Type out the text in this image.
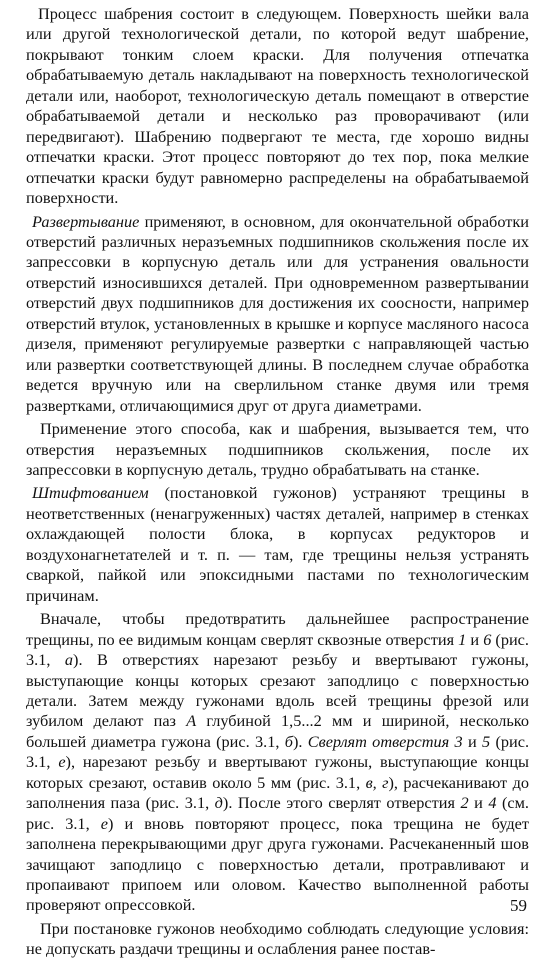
Процесс шабрения состоит в следующем. Поверхность шейки вала или другой технологической детали, по которой ведут шабрение, покрывают тонким слоем краски. Для получения отпечатка обрабатываемую деталь накладывают на поверхность технологической детали или, наоборот, технологическую деталь помещают в отверстие обрабатываемой детали и несколько раз проворачивают (или передвигают). Шабрению подвергают те места, где хорошо видны отпечатки краски. Этот процесс повторяют до тех пор, пока мелкие отпечатки краски будут равномерно распределены на обрабатываемой поверхности.

Развертывание применяют, в основном, для окончательной обработки отверстий различных неразъемных подшипников скольжения после их запрессовки в корпусную деталь или для устранения овальности отверстий износившихся деталей. При одновременном развертывании отверстий двух подшипников для достижения их соосности, например отверстий втулок, установленных в крышке и корпусе масляного насоса дизеля, применяют регулируемые развертки с направляющей частью или развертки соответствующей длины. В последнем случае обработка ведется вручную или на сверлильном станке двумя или тремя развертками, отличающимися друг от друга диаметрами.

Применение этого способа, как и шабрения, вызывается тем, что отверстия неразъемных подшипников скольжения, после их запрессовки в корпусную деталь, трудно обрабатывать на станке.

Штифтованием (постановкой гужонов) устраняют трещины в неответственных (ненагруженных) частях деталей, например в стенках охлаждающей полости блока, в корпусах редукторов и воздухонагнетателей и т. п. — там, где трещины нельзя устранять сваркой, пайкой или эпоксидными пастами по технологическим причинам.

Вначале, чтобы предотвратить дальнейшее распространение трещины, по ее видимым концам сверлят сквозные отверстия 1 и 6 (рис. 3.1, а). В отверстиях нарезают резьбу и ввертывают гужоны, выступающие концы которых срезают заподлицо с поверхностью детали. Затем между гужонами вдоль всей трещины фрезой или зубилом делают паз А глубиной 1,5...2 мм и шириной, несколько большей диаметра гужона (рис. 3.1, б). Сверлят отверстия 3 и 5 (рис. 3.1, е), нарезают резьбу и ввертывают гужоны, выступающие концы которых срезают, оставив около 5 мм (рис. 3.1, в, г), расчеканивают до заполнения паза (рис. 3.1, д). После этого сверлят отверстия 2 и 4 (см. рис. 3.1, е) и вновь повторяют процесс, пока трещина не будет заполнена перекрывающими друг друга гужонами. Расчеканенный шов зачищают заподлицо с поверхностью детали, протравливают и пропаивают припоем или оловом. Качество выполненной работы проверяют опрессовкой.

При постановке гужонов необходимо соблюдать следующие условия: не допускать раздачи трещины и ослабления ранее постав-

59
